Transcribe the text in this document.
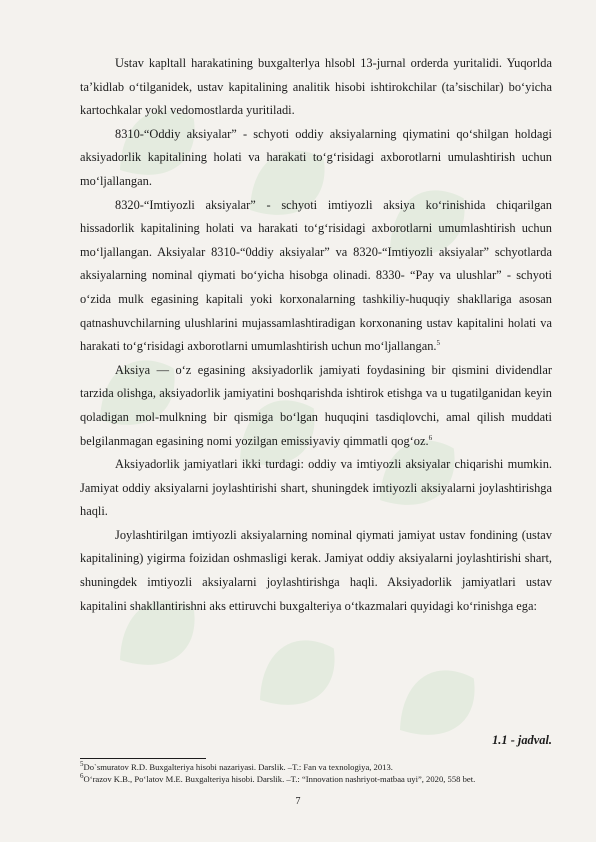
Ustav kapltall harakatining buxgalterlya hlsobl 13-jurnal orderda yuritalidi. Yuqorlda ta’kidlab o‘tilganidek, ustav kapitalining analitik hisobi ishtirokchilar (ta’sischilar) bo‘yicha kartochkalar yokl vedomostlarda yuritiladi.

8310-“Oddiy aksiyalar” - schyoti oddiy aksiyalarning qiymatini qo‘shilgan holdagi aksiyadorlik kapitalining holati va harakati to‘g‘risidagi axborotlarni umulashtirish uchun mo‘ljallangan.

8320-“Imtiyozli aksiyalar” - schyoti imtiyozli aksiya ko‘rinishida chiqarilgan hissadorlik kapitalining holati va harakati to‘g‘risidagi axborotlarni umumlashtirish uchun mo‘ljallangan. Aksiyalar 8310-“0ddiy aksiyalar” va 8320-“Imtiyozli aksiyalar” schyotlarda aksiyalarning nominal qiymati bo‘yicha hisobga olinadi. 8330- “Pay va ulushlar” - schyoti o‘zida mulk egasining kapitali yoki korxonalarning tashkiliy-huquqiy shakllariga asosan qatnashuvchilarning ulushlarini mujassamlashtiradigan korxonaning ustav kapitalini holati va harakati to‘g‘risidagi axborotlarni umumlashtirish uchun mo‘ljallangan.$^5$

Aksiya — o‘z egasining aksiyadorlik jamiyati foydasining bir qismini dividendlar tarzida olishga, aksiyadorlik jamiyatini boshqarishda ishtirok etishga va u tugatilganidan keyin qoladigan mol-mulkning bir qismiga bo‘lgan huquqini tasdiqlovchi, amal qilish muddati belgilanmagan egasining nomi yozilgan emissiyaviy qimmatli qog‘oz.$^6$

Aksiyadorlik jamiyatlari ikki turdagi: oddiy va imtiyozli aksiyalar chiqarishi mumkin. Jamiyat oddiy aksiyalarni joylashtirishi shart, shuningdek imtiyozli aksiyalarni joylashtirishga haqli.

Joylashtirilgan imtiyozli aksiyalarning nominal qiymati jamiyat ustav fondining (ustav kapitalining) yigirma foizidan oshmasligi kerak. Jamiyat oddiy aksiyalarni joylashtirishi shart, shuningdek imtiyozli aksiyalarni joylashtirishga haqli. Aksiyadorlik jamiyatlari ustav kapitalini shakllantirishni aks ettiruvchi buxgalteriya o‘tkazmalari quyidagi ko‘rinishga ega:

1.1 - jadval.
$^5$Do`smuratov R.D. Buxgalteriya hisobi nazariyasi. Darslik. –T.: Fan va texnologiya, 2013.
$^6$O‘razov K.B., Po‘latov M.E. Buxgalteriya hisobi. Darslik. –T.: “Innovation nashriyot-matbaa uyi”, 2020, 558 bet.
7
